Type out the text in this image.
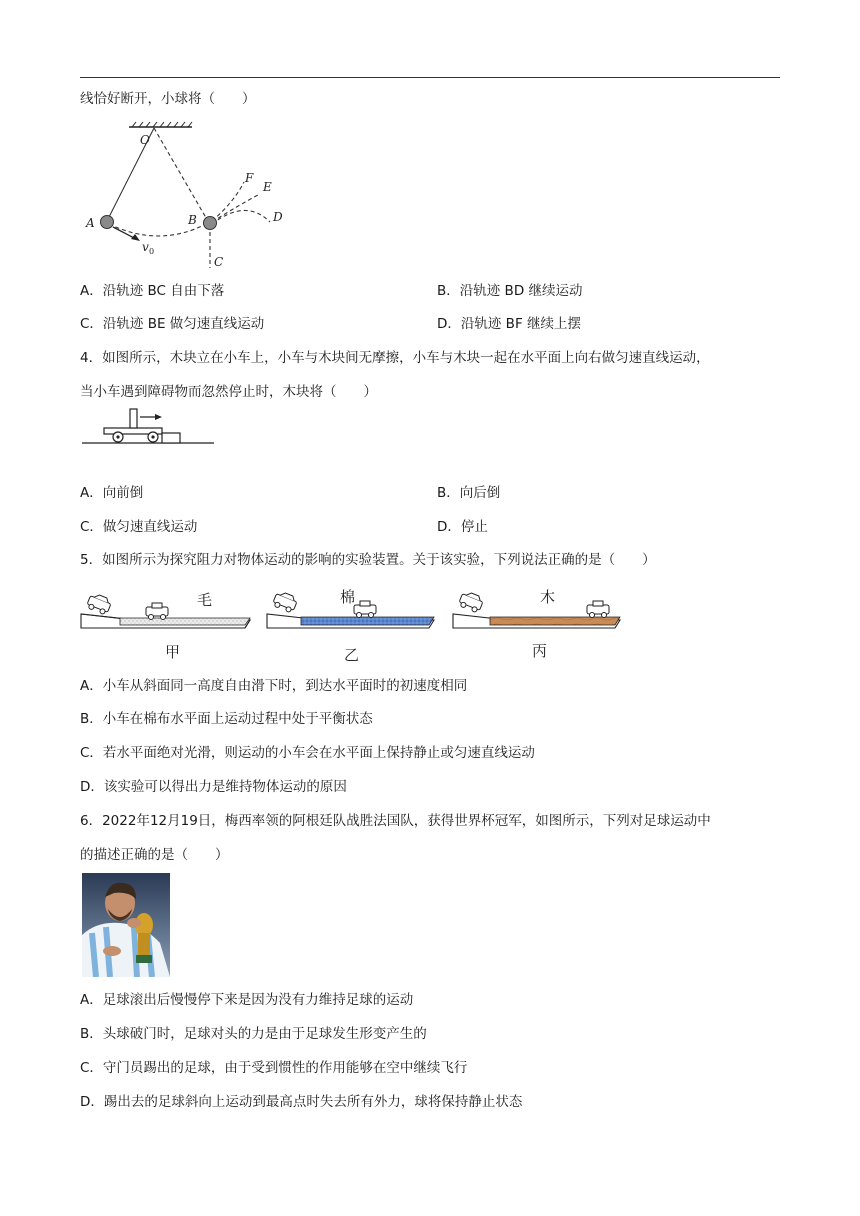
线恰好断开，小球将（　　）
O
A	B
C
D
E
F
v 0
A．沿轨迹 BC 自由下落	B．沿轨迹 BD 继续运动
C．沿轨迹 BE 做匀速直线运动	D．沿轨迹 BF 继续上摆
4．如图所示，木块立在小车上，小车与木块间无摩擦，小车与木块一起在水平面上向右做匀速直线运动，
当小车遇到障碍物而忽然停止时，木块将（　　）
A．向前倒	B．向后倒
C．做匀速直线运动	D．停止
5．如图所示为探究阻力对物体运动的影响的实验装置。关于该实验，下列说法正确的是（　　）
毛
甲
棉
乙
木
丙
A．小车从斜面同一高度自由滑下时，到达水平面时的初速度相同
B．小车在棉布水平面上运动过程中处于平衡状态
C．若水平面绝对光滑，则运动的小车会在水平面上保持静止或匀速直线运动
D．该实验可以得出力是维持物体运动的原因
6．2022年12月19日，梅西率领的阿根廷队战胜法国队，获得世界杯冠军，如图所示，下列对足球运动中
的描述正确的是（　　）
A．足球滚出后慢慢停下来是因为没有力维持足球的运动
B．头球破门时，足球对头的力是由于足球发生形变产生的
C．守门员踢出的足球，由于受到惯性的作用能够在空中继续飞行
D．踢出去的足球斜向上运动到最高点时失去所有外力，球将保持静止状态
